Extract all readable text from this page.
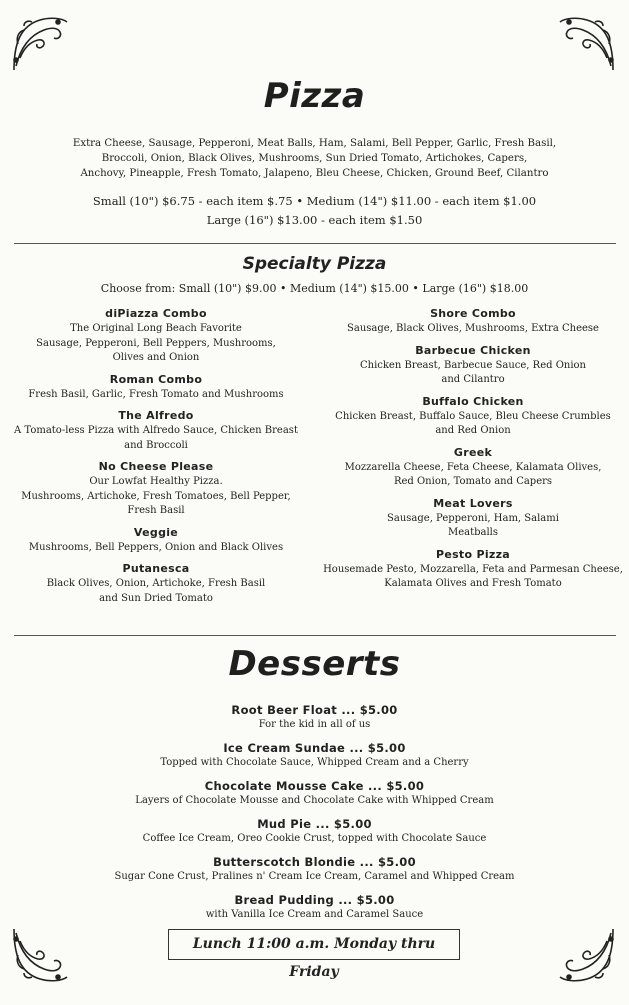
Pizza
Extra Cheese, Sausage, Pepperoni, Meat Balls, Ham, Salami, Bell Pepper, Garlic, Fresh Basil,
Broccoli, Onion, Black Olives, Mushrooms, Sun Dried Tomato, Artichokes, Capers,
Anchovy, Pineapple, Fresh Tomato, Jalapeno, Bleu Cheese, Chicken, Ground Beef, Cilantro
Small (10") $6.75 - each item $.75 • Medium (14") $11.00 - each item $1.00
Large (16") $13.00 - each item $1.50
Specialty Pizza
Choose from: Small (10") $9.00 • Medium (14") $15.00 • Large (16") $18.00
diPiazza Combo
The Original Long Beach Favorite
Sausage, Pepperoni, Bell Peppers, Mushrooms,
Olives and Onion
Roman Combo
Fresh Basil, Garlic, Fresh Tomato and Mushrooms
The Alfredo
A Tomato-less Pizza with Alfredo Sauce, Chicken Breast
and Broccoli
No Cheese Please
Our Lowfat Healthy Pizza.
Mushrooms, Artichoke, Fresh Tomatoes, Bell Pepper,
Fresh Basil
Veggie
Mushrooms, Bell Peppers, Onion and Black Olives
Putanesca
Black Olives, Onion, Artichoke, Fresh Basil
and Sun Dried Tomato
Shore Combo
Sausage, Black Olives, Mushrooms, Extra Cheese
Barbecue Chicken
Chicken Breast, Barbecue Sauce, Red Onion
and Cilantro
Buffalo Chicken
Chicken Breast, Buffalo Sauce, Bleu Cheese Crumbles
and Red Onion
Greek
Mozzarella Cheese, Feta Cheese, Kalamata Olives,
Red Onion, Tomato and Capers
Meat Lovers
Sausage, Pepperoni, Ham, Salami
Meatballs
Pesto Pizza
Housemade Pesto, Mozzarella, Feta and Parmesan Cheese,
Kalamata Olives and Fresh Tomato
Desserts
Root Beer Float ... $5.00
For the kid in all of us
Ice Cream Sundae ... $5.00
Topped with Chocolate Sauce, Whipped Cream and a Cherry
Chocolate Mousse Cake ... $5.00
Layers of Chocolate Mousse and Chocolate Cake with Whipped Cream
Mud Pie ... $5.00
Coffee Ice Cream, Oreo Cookie Crust, topped with Chocolate Sauce
Butterscotch Blondie ... $5.00
Sugar Cone Crust, Pralines n' Cream Ice Cream, Caramel and Whipped Cream
Bread Pudding ... $5.00
with Vanilla Ice Cream and Caramel Sauce
Lunch 11:00 a.m. Monday thru Friday
